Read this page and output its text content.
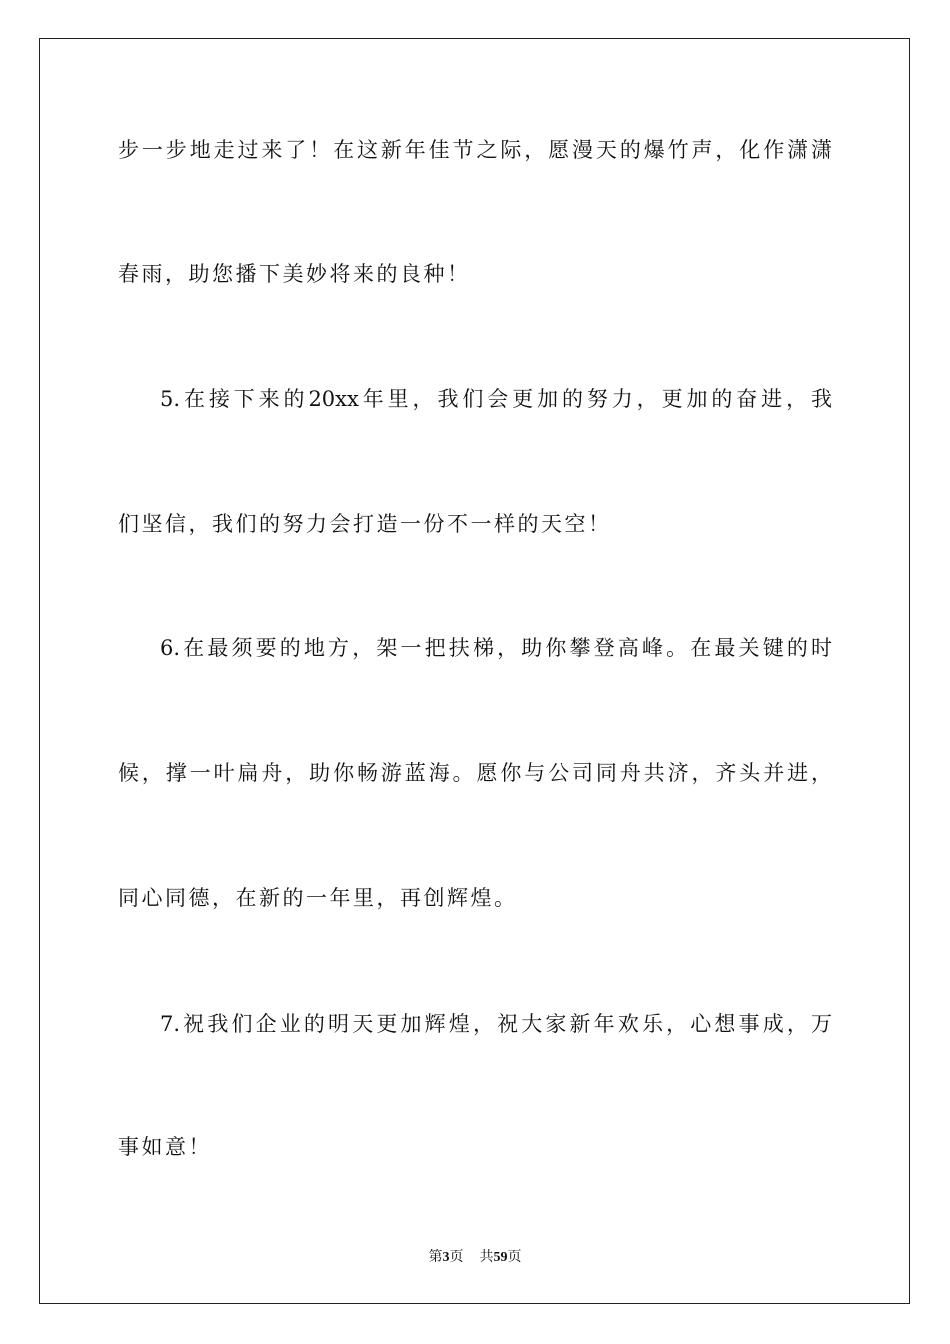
步一步地走过来了！在这新年佳节之际，愿漫天的爆竹声，化作潇潇
春雨，助您播下美妙将来的良种！
5.在接下来的20xx年里，我们会更加的努力，更加的奋进，我
们坚信，我们的努力会打造一份不一样的天空！
6.在最须要的地方，架一把扶梯，助你攀登高峰。在最关键的时
候，撑一叶扁舟，助你畅游蓝海。愿你与公司同舟共济，齐头并进，
同心同德，在新的一年里，再创辉煌。
7.祝我们企业的明天更加辉煌，祝大家新年欢乐，心想事成，万
事如意！
第3页 共59页
